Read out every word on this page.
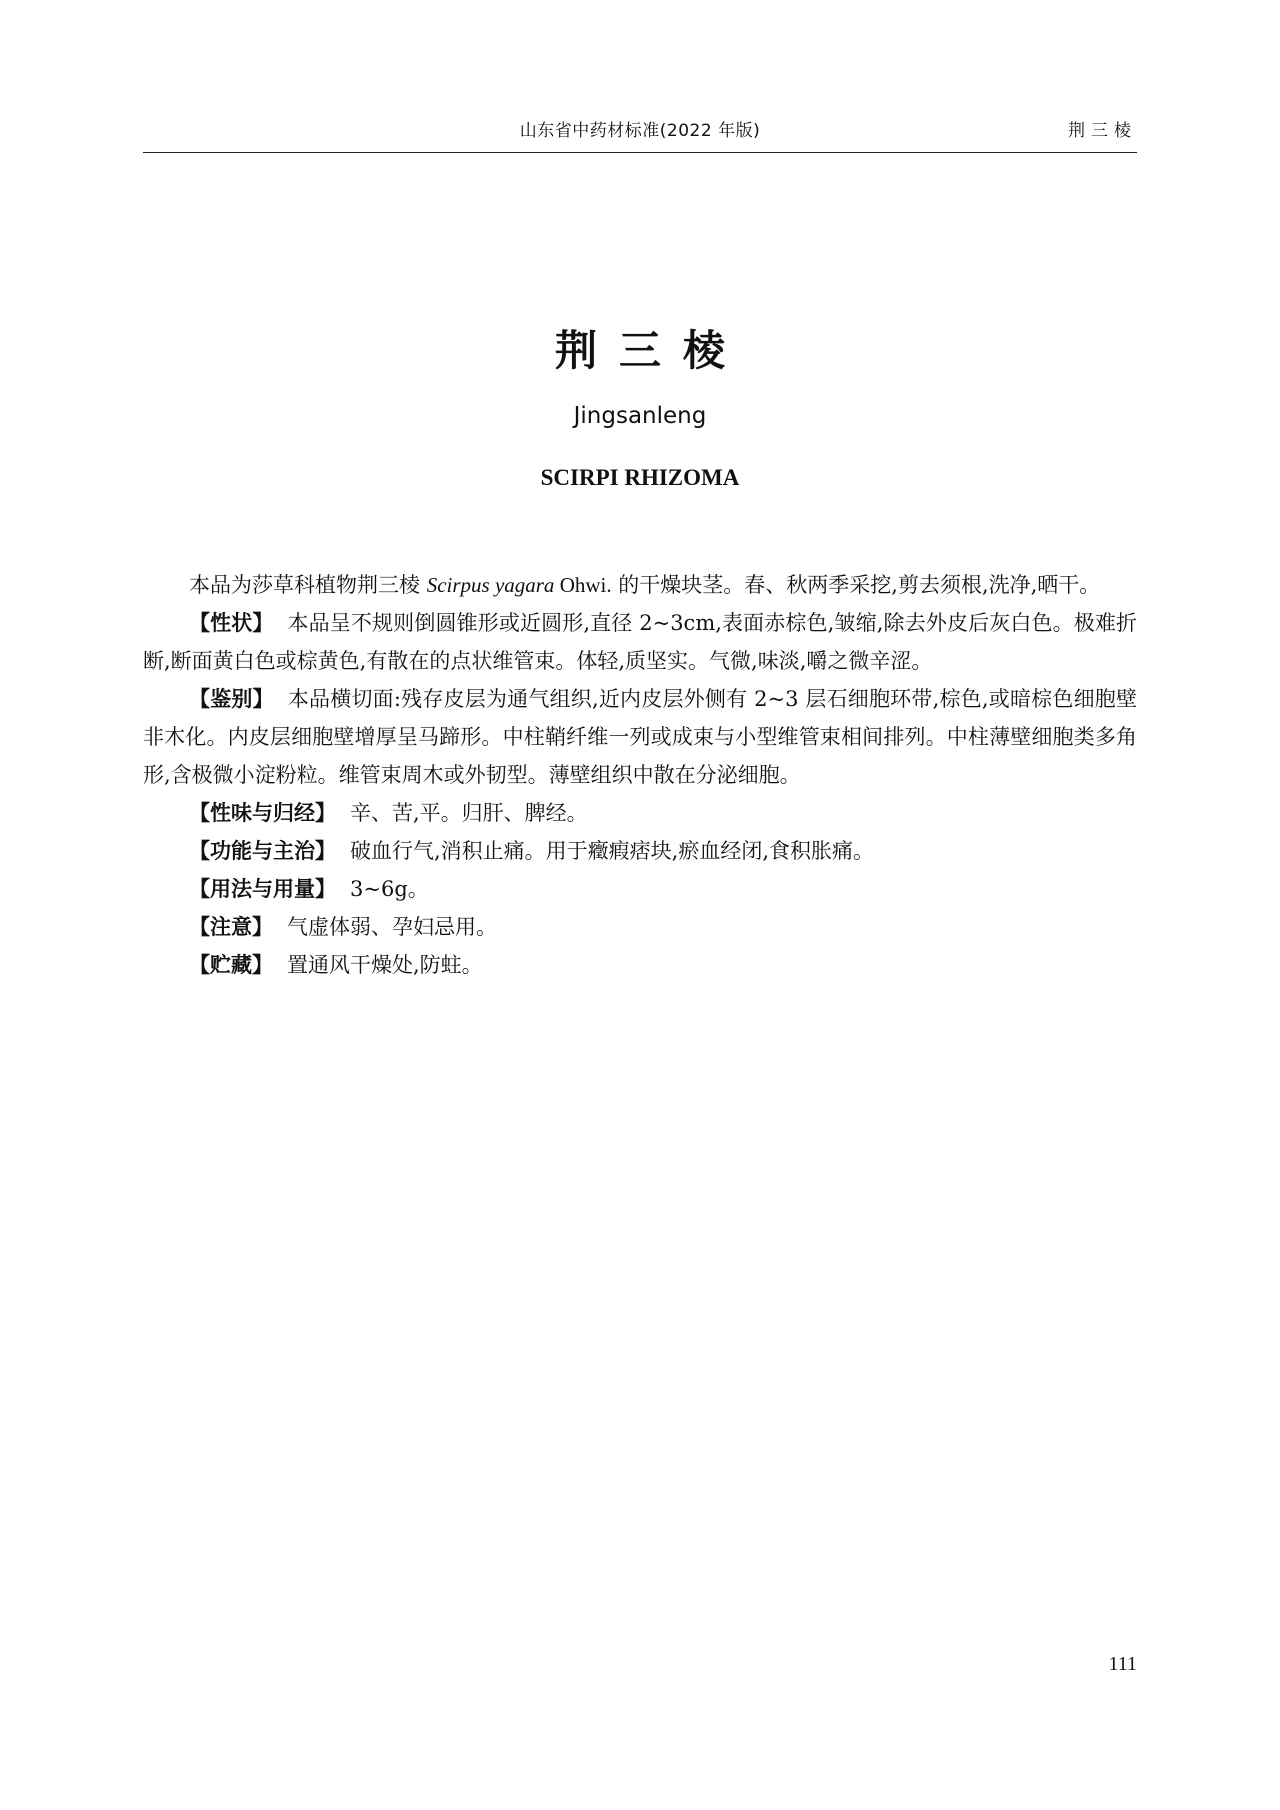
山东省中药材标准(2022 年版)	荆三棱
荆三棱
Jingsanleng
SCIRPI RHIZOMA

本品为莎草科植物荆三棱 Scirpus yagara Ohwi. 的干燥块茎。春、秋两季采挖,剪去须根,洗净,晒干。

【性状】 本品呈不规则倒圆锥形或近圆形,直径 2~3cm,表面赤棕色,皱缩,除去外皮后灰白色。极难折断,断面黄白色或棕黄色,有散在的点状维管束。体轻,质坚实。气微,味淡,嚼之微辛涩。

【鉴别】 本品横切面:残存皮层为通气组织,近内皮层外侧有 2~3 层石细胞环带,棕色,或暗棕色细胞壁非木化。内皮层细胞壁增厚呈马蹄形。中柱鞘纤维一列或成束与小型维管束相间排列。中柱薄壁细胞类多角形,含极微小淀粉粒。维管束周木或外韧型。薄壁组织中散在分泌细胞。

【性味与归经】 辛、苦,平。归肝、脾经。

【功能与主治】 破血行气,消积止痛。用于癥瘕痞块,瘀血经闭,食积胀痛。

【用法与用量】 3~6g。

【注意】 气虚体弱、孕妇忌用。

【贮藏】 置通风干燥处,防蛀。

111
